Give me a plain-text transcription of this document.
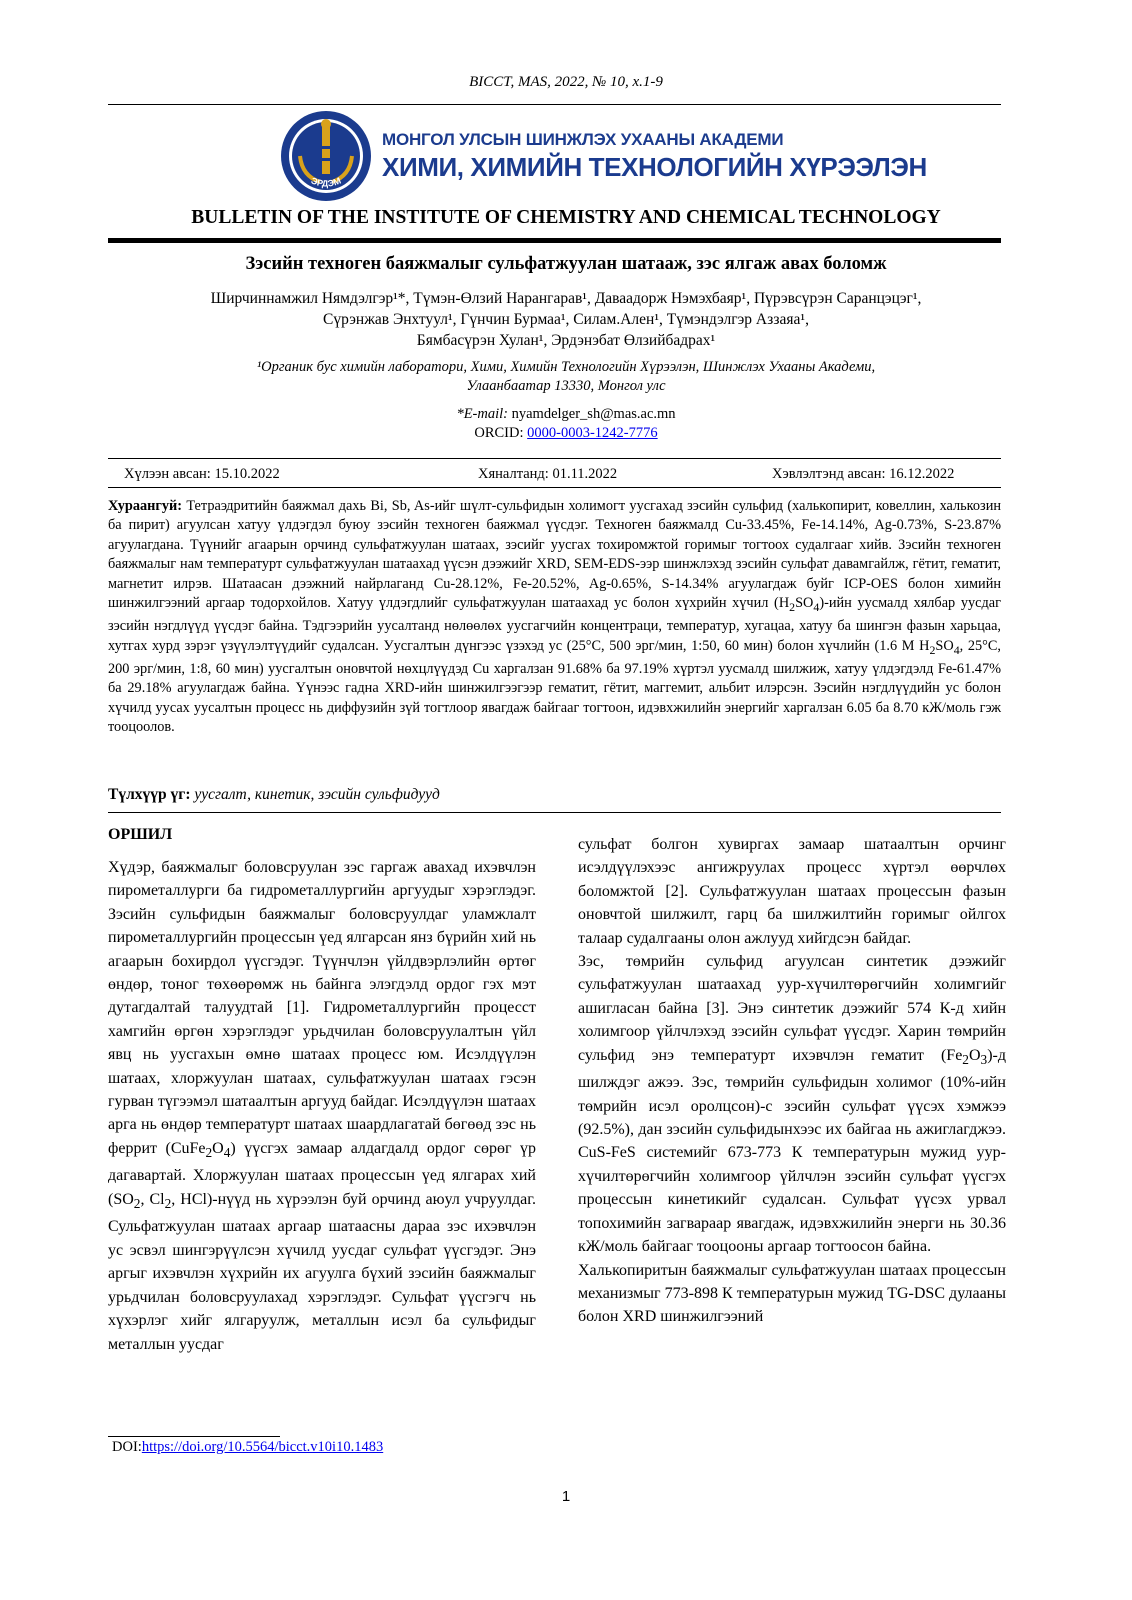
BICCT, MAS, 2022, № 10, х.1-9
ЭРДЭМ
МОНГОЛ УЛСЫН ШИНЖЛЭХ УХААНЫ АКАДЕМИ
ХИМИ, ХИМИЙН ТЕХНОЛОГИЙН ХҮРЭЭЛЭН
BULLETIN OF THE INSTITUTE OF CHEMISTRY AND CHEMICAL TECHNOLOGY
Зэсийн техноген баяжмалыг сульфатжуулан шатааж, зэс ялгаж авах боломж
Ширчиннамжил Нямдэлгэр¹*, Түмэн-Өлзий Нарангарав¹, Даваадорж Нэмэхбаяр¹, Пүрэвсүрэн Саранцэцэг¹,
Сүрэнжав Энхтуул¹, Гүнчин Бурмаа¹, Силам.Ален¹, Түмэндэлгэр Аззаяа¹,
Бямбасүрэн Хулан¹, Эрдэнэбат Өлзийбадрах¹
¹Органик бус химийн лаборатори, Хими, Химийн Технологийн Хүрээлэн, Шинжлэх Ухааны Академи,
Улаанбаатар 13330, Монгол улс
*E-mail: nyamdelger_sh@mas.ac.mn
ORCID: 0000-0003-1242-7776
Хүлээн авсан: 15.10.2022	Хяналтанд: 01.11.2022	Хэвлэлтэнд авсан: 16.12.2022
Хураангуй: Тетраэдритийн баяжмал дахь Bi, Sb, As-ийг шүлт-сульфидын холимогт уусгахад зэсийн сульфид (халькопирит, ковеллин, халькозин ба пирит) агуулсан хатуу үлдэгдэл буюу зэсийн техноген баяжмал үүсдэг. Техноген баяжмалд Cu-33.45%, Fe-14.14%, Ag-0.73%, S-23.87% агуулагдана. Түүнийг агаарын орчинд сульфатжуулан шатаах, зэсийг уусгах тохиромжтой горимыг тогтоох судалгааг хийв. Зэсийн техноген баяжмалыг нам температурт сульфатжуулан шатаахад үүсэн дээжийг XRD, SEM-EDS-ээр шинжлэхэд зэсийн сульфат давамгайлж, гётит, гематит, магнетит илрэв. Шатаасан дээжний найрлаганд Cu-28.12%, Fe-20.52%, Ag-0.65%, S-14.34% агуулагдаж буйг ICP-OES болон химийн шинжилгээний аргаар тодорхойлов. Хатуу үлдэгдлийг сульфатжуулан шатаахад ус болон хүхрийн хүчил $(H_2SO_4)$-ийн уусмалд хялбар уусдаг зэсийн нэгдлүүд үүсдэг байна. Тэдгээрийн уусалтанд нөлөөлөх уусгагчийн концентраци, температур, хугацаа, хатуу ба шингэн фазын харьцаа, хутгах хурд зэрэг үзүүлэлтүүдийг судалсан. Уусгалтын дүнгээс үзэхэд ус (25°C, 500 эрг/мин, 1:50, 60 мин) болон хүчлийн (1.6 M $H_2SO_4$, 25°C, 200 эрг/мин, 1:8, 60 мин) уусгалтын оновчтой нөхцлүүдэд Cu харгалзан 91.68% ба 97.19% хүртэл уусмалд шилжиж, хатуу үлдэгдэлд Fe-61.47% ба 29.18% агуулагдаж байна. Үүнээс гадна XRD-ийн шинжилгээгээр гематит, гётит, маггемит, альбит илэрсэн. Зэсийн нэгдлүүдийн ус болон хүчилд уусах уусалтын процесс нь диффузийн зүй тогтлоор явагдаж байгааг тогтоон, идэвхжилийн энергийг харгалзан 6.05 ба 8.70 кЖ/моль гэж тооцоолов.
Түлхүүр үг: уусгалт, кинетик, зэсийн сульфидууд
ОРШИЛ

Хүдэр, баяжмалыг боловсруулан зэс гаргаж авахад ихэвчлэн пирометаллурги ба гидрометаллургийн аргуудыг хэрэглэдэг. Зэсийн сульфидын баяжмалыг боловсруулдаг уламжлалт пирометаллургийн процессын үед ялгарсан янз бүрийн хий нь агаарын бохирдол үүсгэдэг. Түүнчлэн үйлдвэрлэлийн өртөг өндөр, тоног төхөөрөмж нь байнга элэгдэлд ордог гэх мэт дутагдалтай талуудтай [1]. Гидрометаллургийн процесст хамгийн өргөн хэрэглэдэг урьдчилан боловсруулалтын үйл явц нь уусгахын өмнө шатаах процесс юм. Исэлдүүлэн шатаах, хлоржуулан шатаах, сульфатжуулан шатаах гэсэн гурван түгээмэл шатаалтын аргууд байдаг. Исэлдүүлэн шатаах арга нь өндөр температурт шатаах шаардлагатай бөгөөд зэс нь феррит $(CuFe_2O_4)$ үүсгэх замаар алдагдалд ордог сөрөг үр дагавартай. Хлоржуулан шатаах процессын үед ялгарах хий ($SO_2$, $Cl_2$, HCl)-нүүд нь хүрээлэн буй орчинд аюул учруулдаг. Сульфатжуулан шатаах аргаар шатаасны дараа зэс ихэвчлэн ус эсвэл шингэрүүлсэн хүчилд уусдаг сульфат үүсгэдэг. Энэ аргыг ихэвчлэн хүхрийн их агуулга бүхий зэсийн баяжмалыг урьдчилан боловсруулахад хэрэглэдэг. Сульфат үүсгэгч нь хүхэрлэг хийг ялгаруулж, металлын исэл ба сульфидыг металлын уусдаг

сульфат болгон хувиргах замаар шатаалтын орчинг исэлдүүлэхээс ангижруулах процесс хүртэл өөрчлөх боломжтой [2]. Сульфатжуулан шатаах процессын фазын оновчтой шилжилт, гарц ба шилжилтийн горимыг ойлгох талаар судалгааны олон ажлууд хийгдсэн байдаг.

Зэс, төмрийн сульфид агуулсан синтетик дээжийг сульфатжуулан шатаахад уур-хүчилтөрөгчийн холимгийг ашигласан байна [3]. Энэ синтетик дээжийг 574 К-д хийн холимгоор үйлчлэхэд зэсийн сульфат үүсдэг. Харин төмрийн сульфид энэ температурт ихэвчлэн гематит $(Fe_2O_3)-д$ шилждэг ажээ. Зэс, төмрийн сульфидын холимог (10%-ийн төмрийн исэл оролцсон)-с зэсийн сульфат үүсэх хэмжээ (92.5%), дан зэсийн сульфидынхээс их байгаа нь ажиглагджээ. CuS-FeS системийг 673-773 К температурын мужид уур-хүчилтөрөгчийн холимгоор үйлчлэн зэсийн сульфат үүсгэх процессын кинетикийг судалсан. Сульфат үүсэх урвал топохимийн загвараар явагдаж, идэвхжилийн энерги нь 30.36 кЖ/моль байгааг тооцооны аргаар тогтоосон байна.

Халькопиритын баяжмалыг сульфатжуулан шатаах процессын механизмыг 773-898 К температурын мужид TG-DSC дулааны болон XRD шинжилгээний

DOI:https://doi.org/10.5564/bicct.v10i10.1483
1
